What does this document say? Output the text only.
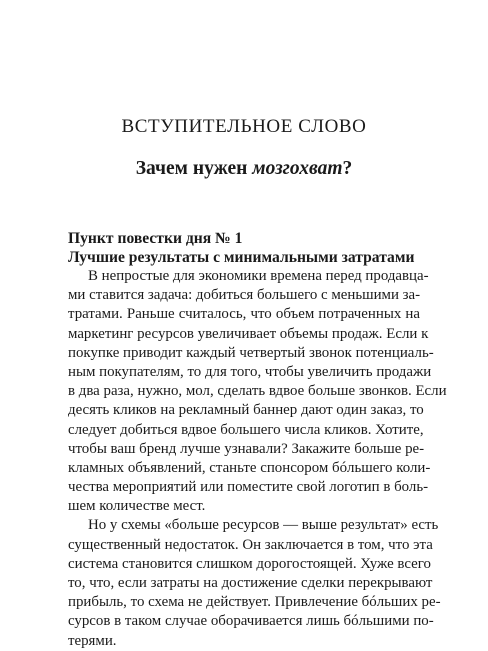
ВСТУПИТЕЛЬНОЕ СЛОВО
Зачем нужен мозгохват?
Пункт повестки дня № 1
Лучшие результаты с минимальными затратами
В непростые для экономики времена перед продавца-
ми ставится задача: добиться большего с меньшими за-
тратами. Раньше считалось, что объем потраченных на
маркетинг ресурсов увеличивает объемы продаж. Если к
покупке приводит каждый четвертый звонок потенциаль-
ным покупателям, то для того, чтобы увеличить продажи
в два раза, нужно, мол, сделать вдвое больше звонков. Если
десять кликов на рекламный баннер дают один заказ, то
следует добиться вдвое большего числа кликов. Хотите,
чтобы ваш бренд лучше узнавали? Закажите больше ре-
кламных объявлений, станьте спонсором бóльшего коли-
чества мероприятий или поместите свой логотип в боль-
шем количестве мест.
Но у схемы «больше ресурсов — выше результат» есть
существенный недостаток. Он заключается в том, что эта
система становится слишком дорогостоящей. Хуже всего
то, что, если затраты на достижение сделки перекрывают
прибыль, то схема не действует. Привлечение бóльших ре-
сурсов в таком случае оборачивается лишь бóльшими по-
терями.
